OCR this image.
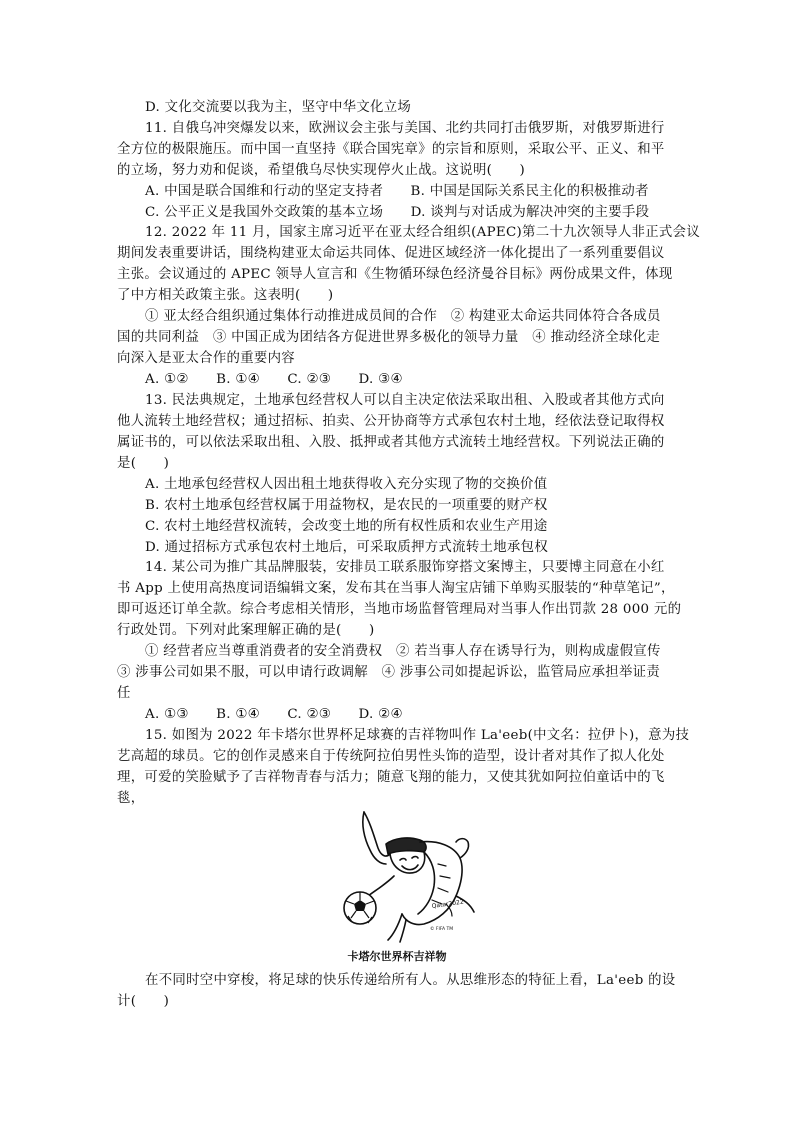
D. 文化交流要以我为主，坚守中华文化立场
11. 自俄乌冲突爆发以来，欧洲议会主张与美国、北约共同打击俄罗斯，对俄罗斯进行
全方位的极限施压。而中国一直坚持《联合国宪章》的宗旨和原则，采取公平、正义、和平
的立场，努力劝和促谈，希望俄乌尽快实现停火止战。这说明(　　)
A. 中国是联合国维和行动的坚定支持者　　B. 中国是国际关系民主化的积极推动者
C. 公平正义是我国外交政策的基本立场　　D. 谈判与对话成为解决冲突的主要手段
12. 2022 年 11 月，国家主席习近平在亚太经合组织(APEC)第二十九次领导人非正式会议
期间发表重要讲话，围绕构建亚太命运共同体、促进区域经济一体化提出了一系列重要倡议
主张。会议通过的 APEC 领导人宣言和《生物循环绿色经济曼谷目标》两份成果文件，体现
了中方相关政策主张。这表明(　　)
① 亚太经合组织通过集体行动推进成员间的合作　② 构建亚太命运共同体符合各成员
国的共同利益　③ 中国正成为团结各方促进世界多极化的领导力量　④ 推动经济全球化走
向深入是亚太合作的重要内容
A. ①②　　B. ①④　　C. ②③　　D. ③④
13. 民法典规定，土地承包经营权人可以自主决定依法采取出租、入股或者其他方式向
他人流转土地经营权；通过招标、拍卖、公开协商等方式承包农村土地，经依法登记取得权
属证书的，可以依法采取出租、入股、抵押或者其他方式流转土地经营权。下列说法正确的
是(　　)
A. 土地承包经营权人因出租土地获得收入充分实现了物的交换价值
B. 农村土地承包经营权属于用益物权，是农民的一项重要的财产权
C. 农村土地经营权流转，会改变土地的所有权性质和农业生产用途
D. 通过招标方式承包农村土地后，可采取质押方式流转土地承包权
14. 某公司为推广其品牌服装，安排员工联系服饰穿搭文案博主，只要博主同意在小红
书 App 上使用高热度词语编辑文案，发布其在当事人淘宝店铺下单购买服装的“种草笔记”，
即可返还订单全款。综合考虑相关情形，当地市场监督管理局对当事人作出罚款 28 000 元的
行政处罚。下列对此案理解正确的是(　　)
① 经营者应当尊重消费者的安全消费权　② 若当事人存在诱导行为，则构成虚假宣传
③ 涉事公司如果不服，可以申请行政调解　④ 涉事公司如提起诉讼，监管局应承担举证责
任
A. ①③　　B. ①④　　C. ②③　　D. ②④
15. 如图为 2022 年卡塔尔世界杯足球赛的吉祥物叫作 La'eeb(中文名：拉伊卜)，意为技
艺高超的球员。它的创作灵感来自于传统阿拉伯男性头饰的造型，设计者对其作了拟人化处
理，可爱的笑脸赋予了吉祥物青春与活力；随意飞翔的能力，又使其犹如阿拉伯童话中的飞
毯，
Qatar2022
© FIFA TM
卡塔尔世界杯吉祥物
在不同时空中穿梭，将足球的快乐传递给所有人。从思维形态的特征上看，La'eeb 的设
计(　　)
